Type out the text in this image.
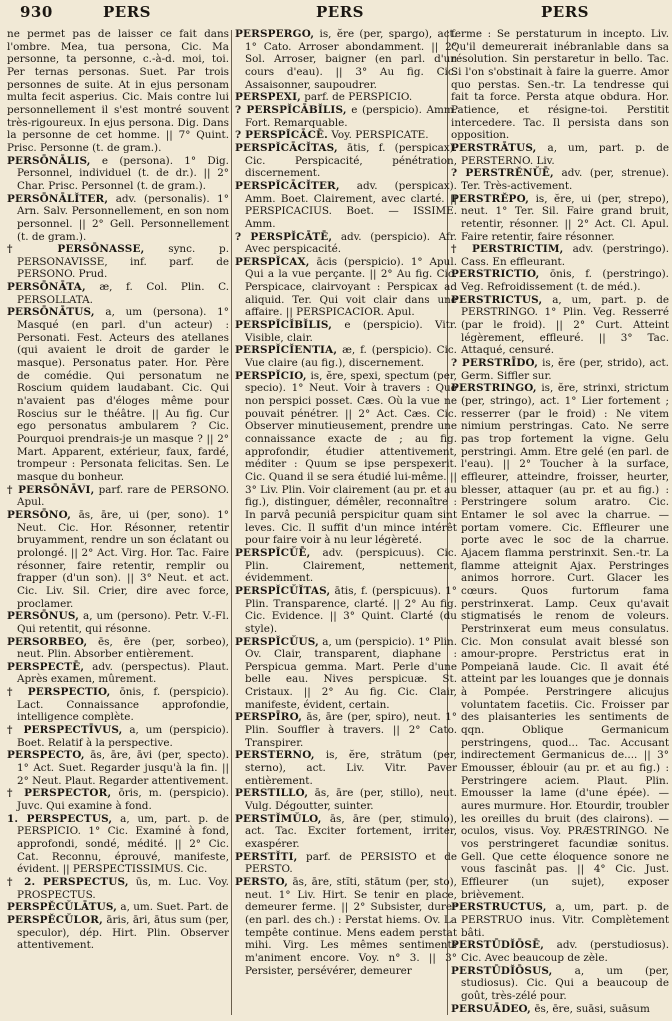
930	PERS	PERS	PERS

ne permet pas de laisser ce fait dans l'ombre. Mea, tua persona, Cic. Ma personne, ta personne, c.-à-d. moi, toi. Per ternas personas. Suet. Par trois personnes de suite. At in ejus personam multa fecit asperius. Cic. Mais contre lui personnellement il s'est montré souvent très-rigoureux. In ejus persona. Dig. Dans la personne de cet homme. || 7° Quint. Prisc. Personne (t. de gram.).

PERSŌNĀLIS, e (persona). 1° Dig. Personnel, individuel (t. de dr.). || 2° Char. Prisc. Personnel (t. de gram.).

PERSŌNĀLĬTER, adv. (personalis). 1° Arn. Salv. Personnellement, en son nom personnel. || 2° Gell. Personnellement (t. de gram.).

† PERSŌNASSE, sync. p. PERSONAVISSE, inf. parf. de PERSONO. Prud.

PERSŌNĀTA, æ, f. Col. Plin. C. PERSOLLATA.

PERSŌNĀTUS, a, um (persona). 1° Masqué (en parl. d'un acteur) : Personati. Fest. Acteurs des atellanes (qui avaient le droit de garder le masque). Personatus pater. Hor. Père de comédie. Qui personatum ne Roscium quidem laudabant. Cic. Qui n'avaient pas d'éloges même pour Roscius sur le théâtre. || Au fig. Cur ego personatus ambularem ? Cic. Pourquoi prendrais-je un masque ? || 2° Mart. Apparent, extérieur, faux, fardé, trompeur : Personata felicitas. Sen. Le masque du bonheur.

† PERSŌNĀVI, parf. rare de PERSONO. Apul.

PERSŌNO, ās, āre, ui (per, sono). 1° Neut. Cic. Hor. Résonner, retentir bruyamment, rendre un son éclatant ou prolongé. || 2° Act. Virg. Hor. Tac. Faire résonner, faire retentir, remplir ou frapper (d'un son). || 3° Neut. et act. Cic. Liv. Sil. Crier, dire avec force, proclamer.

PERSŌNUS, a, um (persono). Petr. V.-Fl. Qui retentit, qui résonne.

PERSORBEO, ēs, ēre (per, sorbeo), neut. Plin. Absorber entièrement.

PERSPECTĒ, adv. (perspectus). Plaut. Après examen, mûrement.

† PERSPECTIO, ōnis, f. (perspicio). Lact. Connaissance approfondie, intelligence complète.

† PERSPECTĪVUS, a, um (perspicio). Boet. Relatif à la perspective.

PERSPECTO, ās, āre, āvi (per, specto). 1° Act. Suet. Regarder jusqu'à la fin. || 2° Neut. Plaut. Regarder attentivement.

† PERSPECTOR, ōris, m. (perspicio). Juvc. Qui examine à fond.

1. PERSPECTUS, a, um, part. p. de PERSPICIO. 1° Cic. Examiné à fond, approfondi, sondé, médité. || 2° Cic. Cat. Reconnu, éprouvé, manifeste, évident. || PERSPECTISSIMUS. Cic.

† 2. PERSPECTUS, ūs, m. Luc. Voy. PROSPECTUS.

PERSPĔCŬLĀTUS, a, um. Suet. Part. de

PERSPĔCŬLOR, āris, āri, ātus sum (per, speculor), dép. Hirt. Plin. Observer attentivement.

PERSPERGO, is, ĕre (per, spargo), act. 1° Cato. Arroser abondamment. || 2° Sol. Arroser, baigner (en parl. d'un cours d'eau). || 3° Au fig. Cic. Assaisonner, saupoudrer.

PERSPEXI, parf. de PERSPICIO.

? PERSPĬCĀBĬLIS, e (perspicio). Amm. Fort. Remarquable.

? PERSPĬCĀCĒ. Voy. PERSPICATE.

PERSPĬCĀCĬTAS, ātis, f. (perspicax). Cic. Perspicacité, pénétration, discernement.

PERSPĬCĀCĬTER, adv. (perspicax). Amm. Boet. Clairement, avec clarté. || PERSPICACIUS. Boet. — ISSIME. Amm.

? PERSPĬCĀTĒ, adv. (perspicio). Afr. Avec perspicacité.

PERSPĬCAX, ācis (perspicio). 1° Apul. Qui a la vue perçante. || 2° Au fig. Cic. Perspicace, clairvoyant : Perspicax ad aliquid. Ter. Qui voit clair dans une affaire. || PERSPICACIOR. Apul.

PERSPĬCĬBĬLIS, e (perspicio). Vitr. Visible, clair.

PERSPĬCĬENTIA, æ, f. (perspicio). Cic. Vue claire (au fig.), discernement.

PERSPĬCIO, is, ĕre, spexi, spectum (per, specio). 1° Neut. Voir à travers : Quo non perspici posset. Cæs. Où la vue ne pouvait pénétrer. || 2° Act. Cæs. Cic. Observer minutieusement, prendre une connaissance exacte de ; au fig. approfondir, étudier attentivement, méditer : Quum se ipse perspexerit. Cic. Quand il se sera étudié lui-même. || 3° Liv. Plin. Voir clairement (au pr. et au fig.), distinguer, démêler, reconnaître : In parvâ pecuniâ perspicitur quam sint leves. Cic. Il suffit d'un mince intérêt pour faire voir à nu leur légèreté.

PERSPĬCŬĒ, adv. (perspicuus). Cic. Plin. Clairement, nettement, évidemment.

PERSPĬCŬĬTAS, ātis, f. (perspicuus). 1° Plin. Transparence, clarté. || 2° Au fig. Cic. Evidence. || 3° Quint. Clarté (du style).

PERSPĬCŬUS, a, um (perspicio). 1° Plin. Ov. Clair, transparent, diaphane : Perspicua gemma. Mart. Perle d'une belle eau. Nives perspicuæ. St. Cristaux. || 2° Au fig. Cic. Clair, manifeste, évident, certain.

PERSPĪRO, ās, āre (per, spiro), neut. 1° Plin. Souffler à travers. || 2° Cato. Transpirer.

PERSTERNO, is, ĕre, strātum (per, sterno), act. Liv. Vitr. Paver entièrement.

PERSTILLO, ās, āre (per, stillo), neut. Vulg. Dégoutter, suinter.

PERSTĬMŬLO, ās, āre (per, stimulo), act. Tac. Exciter fortement, irriter, exaspérer.

PERSTĬTI, parf. de PERSISTO et de PERSTO.

PERSTO, ās, āre, stĭti, stātum (per, sto), neut. 1° Liv. Hirt. Se tenir en place, demeurer ferme. || 2° Subsister, durer (en parl. des ch.) : Perstat hiems. Ov. La tempête continue. Mens eadem perstat mihi. Virg. Les mêmes sentiments m'animent encore. Voy. n° 3. || 3° Persister, persévérer, demeurer

ferme : Se perstaturum in incepto. Liv. Qu'il demeurerait inébranlable dans sa résolution. Sin perstaretur in bello. Tac. Si l'on s'obstinait à faire la guerre. Amor quo perstas. Sen.-tr. La tendresse qui fait ta force. Persta atque obdura. Hor. Patience, et résigne-toi. Perstitit intercedere. Tac. Il persista dans son opposition.

PERSTRĀTUS, a, um, part. p. de PERSTERNO. Liv.

? PERSTRĔNŬĒ, adv. (per, strenue). Ter. Très-activement.

PERSTRĔPO, is, ĕre, ui (per, strepo), neut. 1° Ter. Sil. Faire grand bruit, retentir, résonner. || 2° Act. Cl. Apul. Faire retentir, faire résonner.

† PERSTRICTIM, adv. (perstringo). Cass. En effleurant.

PERSTRICTIO, ōnis, f. (perstringo). Veg. Refroidissement (t. de méd.).

PERSTRICTUS, a, um, part. p. de PERSTRINGO. 1° Plin. Veg. Resserré (par le froid). || 2° Curt. Atteint légèrement, effleuré. || 3° Tac. Attaqué, censuré.

? PERSTRĪDO, is, ĕre (per, strido), act. Germ. Siffler sur.

PERSTRINGO, is, ĕre, strinxi, strictum (per, stringo), act. 1° Lier fortement ; resserrer (par le froid) : Ne vitem nimium perstringas. Cato. Ne serre pas trop fortement la vigne. Gelu perstringi. Amm. Etre gelé (en parl. de l'eau). || 2° Toucher à la surface, effleurer, atteindre, froisser, heurter, blesser, attaquer (au pr. et au fig.) : Perstringere solum aratro. Cic. Entamer le sol avec la charrue. — portam vomere. Cic. Effleurer une porte avec le soc de la charrue. Ajacem flamma perstrinxit. Sen.-tr. La flamme atteignit Ajax. Perstringes animos horrore. Curt. Glacer les cœurs. Quos furtorum fama perstrinxerat. Lamp. Ceux qu'avait stigmatisés le renom de voleurs. Perstrinxerat eum meus consulatus. Cic. Mon consulat avait blessé son amour-propre. Perstrictus erat in Pompeiană laude. Cic. Il avait été atteint par les louanges que je donnais à Pompée. Perstringere alicujus voluntatem facetiis. Cic. Froisser par des plaisanteries les sentiments de qqn. Oblique Germanicum perstringens, quod... Tac. Accusant indirectement Germanicus de.... || 3° Emousser, éblouir (au pr. et au fig.) : Perstringere aciem. Plaut. Plin. Emousser la lame (d'une épée). — aures murmure. Hor. Etourdir, troubler les oreilles du bruit (des clairons). — oculos, visus. Voy. PRÆSTRINGO. Ne vos perstringeret facundiæ sonitus. Gell. Que cette éloquence sonore ne vous fascinât pas. || 4° Cic. Just. Effleurer (un sujet), exposer brièvement.

PERSTRUCTUS, a, um, part. p. de PERSTRUO inus. Vitr. Complètement bâti.

PERSTŪDĬŌSĒ, adv. (perstudiosus). Cic. Avec beaucoup de zèle.

PERSTŪDĬŌSUS, a, um (per, studiosus). Cic. Qui a beaucoup de goût, très-zélé pour.

PERSUĀDEO, ēs, ēre, suāsi, suāsum
